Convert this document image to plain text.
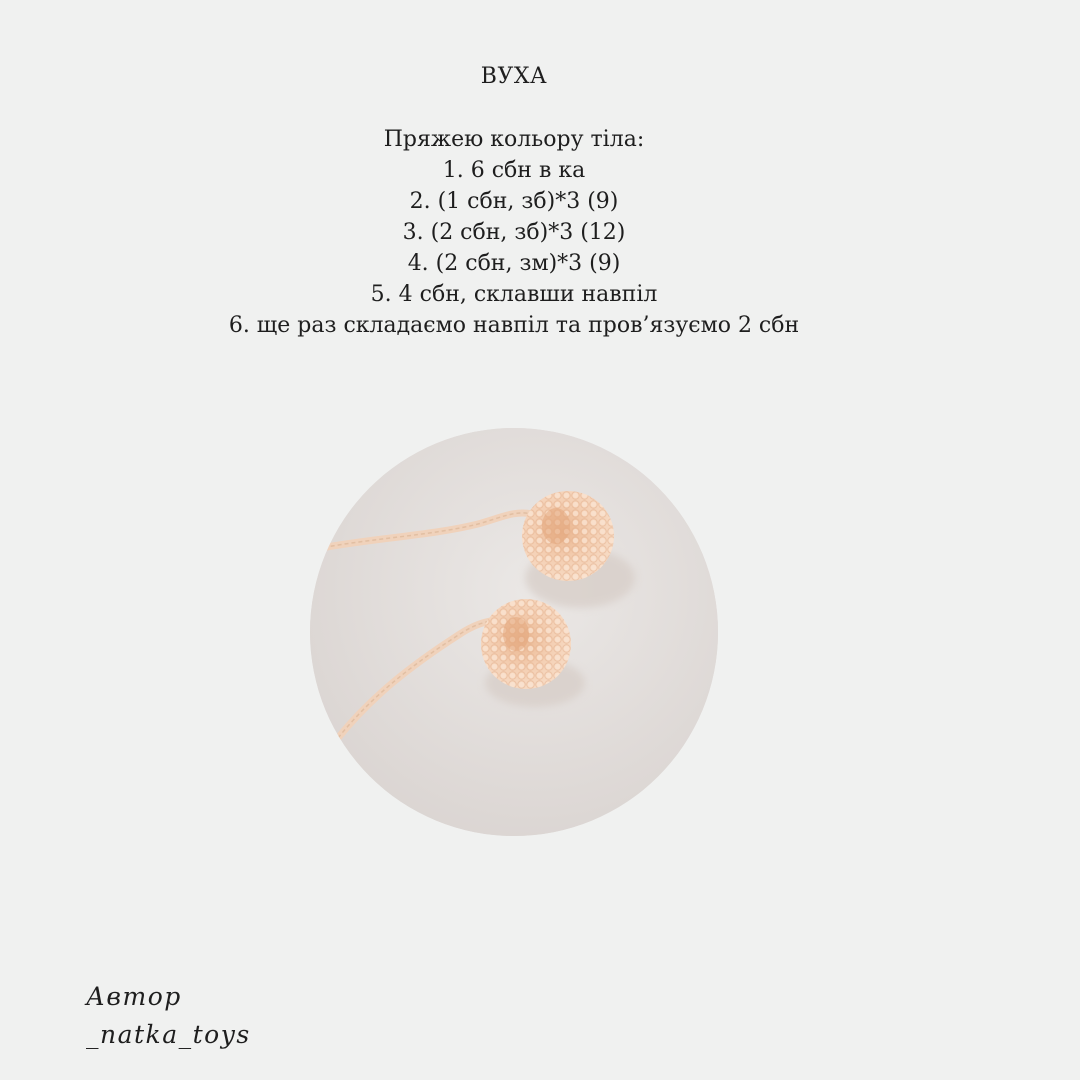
ВУХА
Пряжею кольору тіла:
1. 6 сбн в ка
2. (1 сбн, зб)*3 (9)
3. (2 сбн, зб)*3 (12)
4. (2 сбн, зм)*3 (9)
5. 4 сбн, склавши навпіл
6. ще раз складаємо навпіл та пров’язуємо 2 сбн
Автор
_natka_toys
